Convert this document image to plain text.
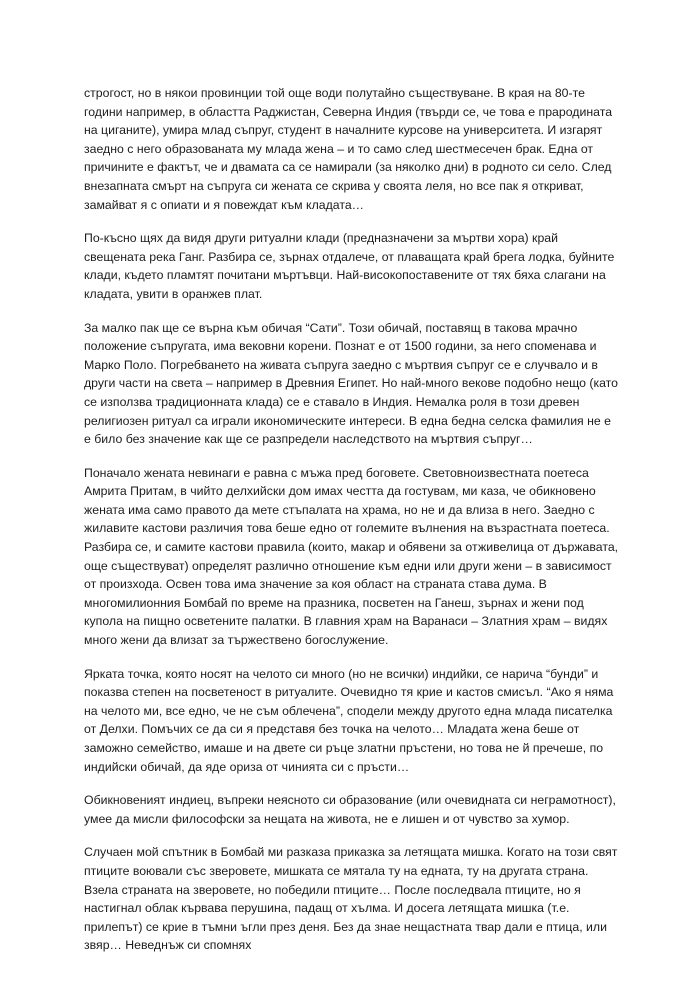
строгост, но в някои провинции той още води полутайно съществуване. В края на 80-те години например, в областта Раджистан, Северна Индия (твърди се, че това е прародината на циганите), умира млад съпруг, студент в началните курсове на университета. И изгарят заедно с него образованата му млада жена – и то само след шестмесечен брак. Една от причините е фактът, че и двамата са се намирали (за няколко дни) в родното си село. След внезапната смърт на съпруга си жената се скрива у своята леля, но все пак я откриват, замайват я с опиати и я повеждат към кладата…

По-късно щях да видя други ритуални клади (предназначени за мъртви хора) край свещената река Ганг. Разбира се, зърнах отдалече, от плаващата край брега лодка, буйните клади, където пламтят почитани мъртъвци. Най-високопоставените от тях бяха слагани на кладата, увити в оранжев плат.

За малко пак ще се върна към обичая “Сати”. Този обичай, поставящ в такова мрачно положение съпругата, има вековни корени. Познат е от 1500 години, за него споменава и Марко Поло. Погребването на живата съпруга заедно с мъртвия съпруг се е случвало и в други части на света – например в Древния Египет. Но най-много векове подобно нещо (като се използва традиционната клада) се е ставало в Индия. Немалка роля в този древен религиозен ритуал са играли икономическите интереси. В една бедна селска фамилия не е е било без значение как ще се разпредели наследството на мъртвия съпруг…

Поначало жената невинаги е равна с мъжа пред боговете. Световноизвестната поетеса Амрита Притам, в чийто делхийски дом имах честта да гостувам, ми каза, че обикновено жената има само правото да мете стъпалата на храма, но не и да влиза в него. Заедно с жилавите кастови различия това беше едно от големите вълнения на възрастната поетеса. Разбира се, и самите кастови правила (които, макар и обявени за отживелица от държавата, още съществуват) определят различно отношение към едни или други жени – в зависимост от произхода. Освен това има значение за коя област на страната става дума. В многомилионния Бомбай по време на празника, посветен на Ганеш, зърнах и жени под купола на пищно осветените палатки. В главния храм на Варанаси – Златния храм – видях много жени да влизат за тържествено богослужение.

Ярката точка, която носят на челото си много (но не всички) индийки, се нарича “бунди” и показва степен на посветеност в ритуалите. Очевидно тя крие и кастов смисъл. “Ако я няма на челото ми, все едно, че не съм облечена”, сподели между другото една млада писателка от Делхи. Помъчих се да си я представя без точка на челото… Младата жена беше от заможно семейство, имаше и на двете си ръце златни пръстени, но това не й пречеше, по индийски обичай, да яде ориза от чинията си с пръсти…

Обикновеният индиец, въпреки неясното си образование (или очевидната си неграмотност), умее да мисли философски за нещата на живота, не е лишен и от чувство за хумор.

Случаен мой спътник в Бомбай ми разказа приказка за летящата мишка. Когато на този свят птиците воювали със зверовете, мишката се мятала ту на едната, ту на другата страна. Взела страната на зверовете, но победили птиците… После последвала птиците, но я настигнал облак кървава перушина, падащ от хълма. И досега летящата мишка (т.е. прилепът) се крие в тъмни ъгли през деня. Без да знае нещастната твар дали е птица, или звяр… Неведнъж си спомнях
